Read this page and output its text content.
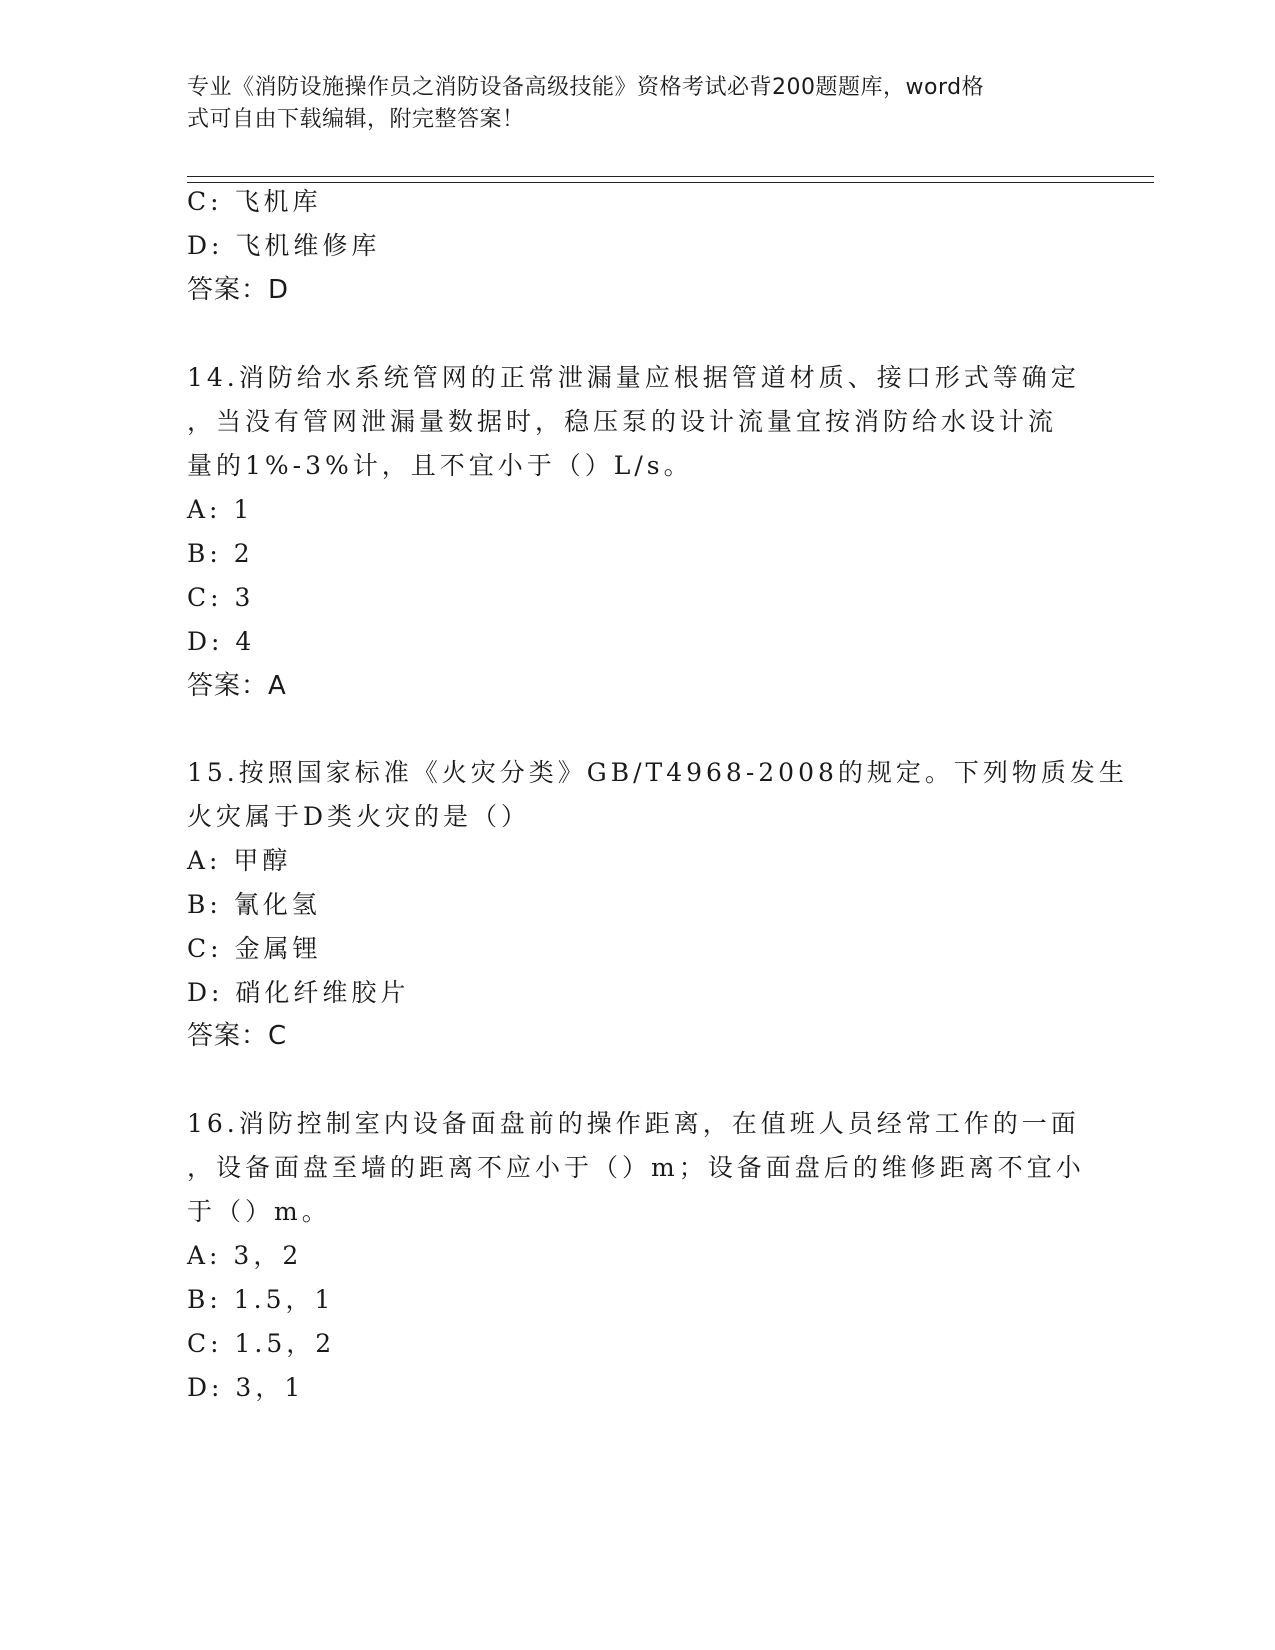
专业《消防设施操作员之消防设备高级技能》资格考试必背200题题库，word格
式可自由下载编辑，附完整答案！
C: 飞机库
D: 飞机维修库
答案：D
14.消防给水系统管网的正常泄漏量应根据管道材质、接口形式等确定
，当没有管网泄漏量数据时，稳压泵的设计流量宜按消防给水设计流
量的1%-3%计，且不宜小于（）L/s。
A: 1
B: 2
C: 3
D: 4
答案：A
15.按照国家标准《火灾分类》GB/T4968-2008的规定。下列物质发生
火灾属于D类火灾的是（）
A: 甲醇
B: 氰化氢
C: 金属锂
D: 硝化纤维胶片
答案：C
16.消防控制室内设备面盘前的操作距离，在值班人员经常工作的一面
，设备面盘至墙的距离不应小于（）m；设备面盘后的维修距离不宜小
于（）m。
A: 3，2
B: 1.5，1
C: 1.5，2
D: 3，1
